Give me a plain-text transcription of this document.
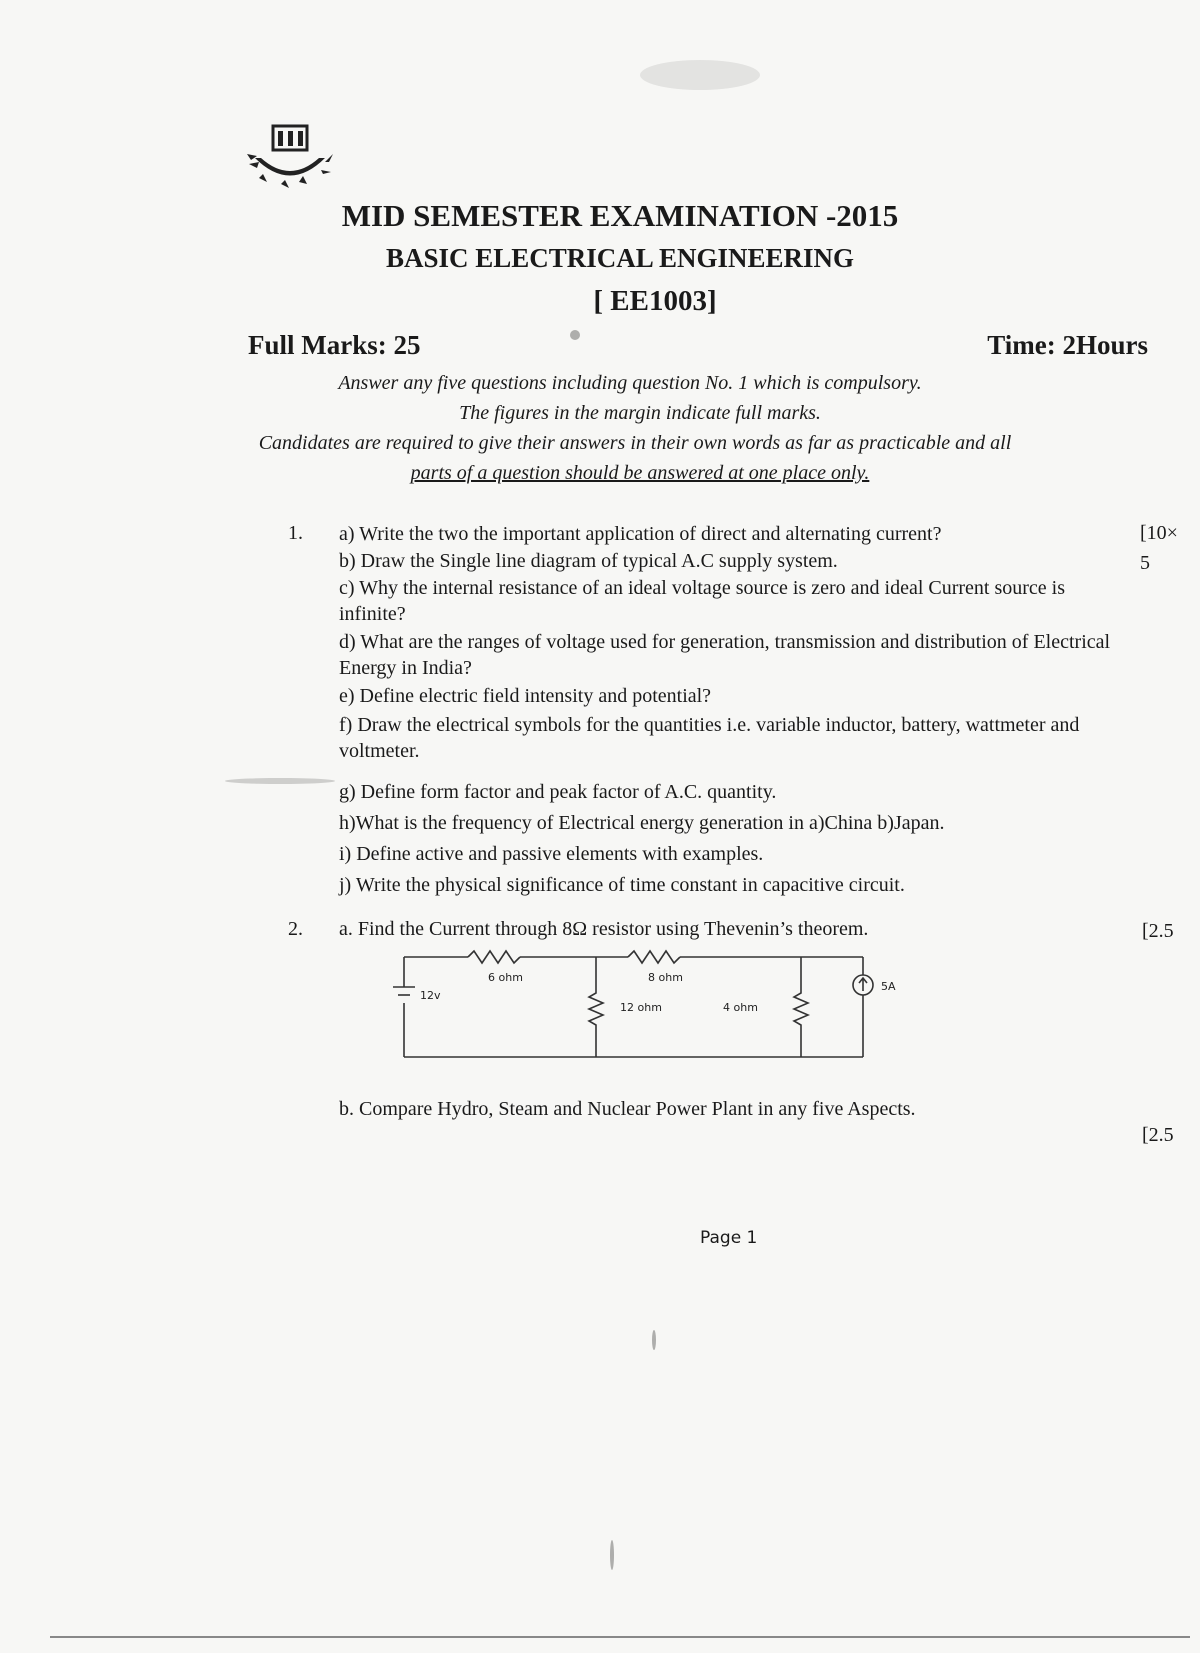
MID SEMESTER EXAMINATION -2015
BASIC ELECTRICAL ENGINEERING
[ EE1003]
Full Marks: 25	Time: 2Hours
Answer any five questions including question No. 1 which is compulsory.
The figures in the margin indicate full marks.
Candidates are required to give their answers in their own words as far as practicable and all
parts of a question should be answered at one place only.
1.	[10×
5
a) Write the two the important application of direct and alternating current?
b) Draw the Single line diagram of typical A.C supply system.
c) Why the internal resistance of an ideal voltage source is zero and ideal Current source is infinite?
d) What are the ranges of voltage used for generation, transmission and distribution of Electrical Energy in India?
e) Define electric field intensity and potential?
f) Draw the electrical symbols for the quantities i.e. variable inductor, battery, wattmeter and voltmeter.
g) Define form factor and peak factor of A.C. quantity.
h)What is the frequency of Electrical energy generation in a)China b)Japan.
i) Define active and passive elements with examples.
j) Write the physical significance of time constant in capacitive circuit.
2. a. Find the Current through 8Ω resistor using Thevenin’s theorem.	[2.5
6 ohm	8 ohm
12 ohm	4 ohm
12v
5A
b. Compare Hydro, Steam and Nuclear Power Plant in any five Aspects.
[2.5
Page 1
